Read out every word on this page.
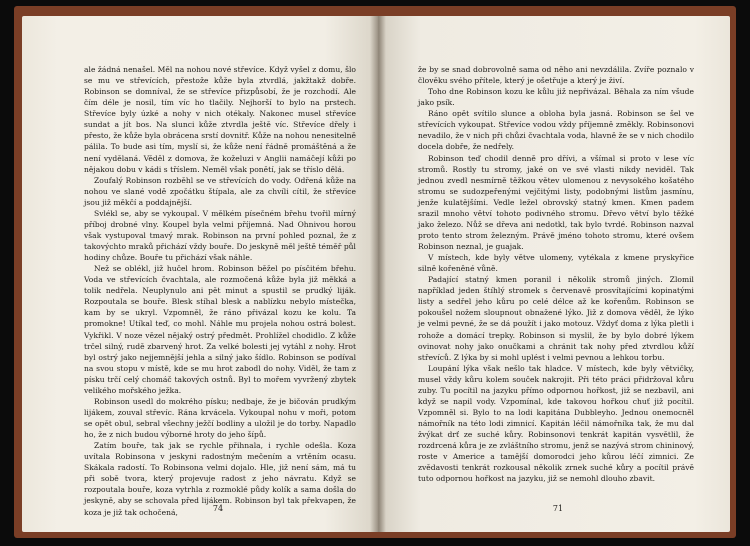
ale žádná nenašel. Měl na nohou nové střevíce. Když vyšel z domu, šlo se mu ve střevících, přestože kůže byla ztvrdlá, jakžtakž dobře. Robinson se domníval, že se střevíce přizpůsobí, že je rozchodí. Ale čím déle je nosil, tím víc ho tlačily. Nejhorší to bylo na prstech. Střevíce byly úzké a nohy v nich otékaly. Nakonec musel střevíce sundat a jít bos. Na slunci kůže ztvrdla ještě víc. Střevíce dřely i přesto, že kůže byla obrácena srstí dovnitř. Kůže na nohou nenesitelně pálila. To bude asi tím, myslí si, že kůže není řádně promáštěná a že není vydělaná. Věděl z domova, že koželuzi v Anglii namáčejí kůži po nějakou dobu v kádi s tříslem. Neměl však ponětí, jak se tříslo dělá.

Zoufalý Robinson rozběhl se ve střevících do vody. Odřená kůže na nohou ve slané vodě zpočátku štípala, ale za chvíli cítil, že střevíce jsou již měkčí a poddajnější.

Svlékl se, aby se vykoupal. V mělkém písečném břehu tvořil mírný příboj drobné vlny. Koupel byla velmi příjemná. Nad Ohnivou horou však vystupoval tmavý mrak. Robinson na první pohled poznal, že z takovýchto mraků přichází vždy bouře. Do jeskyně měl ještě téměř půl hodiny chůze. Bouře tu přichází však náhle.

Než se oblékl, již hučel hrom. Robinson běžel po písčitém břehu. Voda ve střevících čvachtala, ale rozmočená kůže byla již měkká a tolik nedřela. Neuplynulo ani pět minut a spustil se prudký liják. Rozpoutala se bouře. Blesk stíhal blesk a nablízku nebylo místečka, kam by se ukryl. Vzpomněl, že ráno přivázal kozu ke kolu. Ta promokne! Utíkal teď, co mohl. Náhle mu projela nohou ostrá bolest. Vykřikl. V noze vězel nějaký ostrý předmět. Prohlížel chodidlo. Z kůže trčel silný, rudě zbarvený hrot. Za velké bolesti jej vytáhl z nohy. Hrot byl ostrý jako nejjemnější jehla a silný jako šídlo. Robinson se podíval na svou stopu v místě, kde se mu hrot zabodl do nohy. Viděl, že tam z písku trčí celý chomáč takových ostnů. Byl to mořem vyvržený zbytek velikého mořského ježka.

Robinson usedl do mokrého písku; nedbaje, že je bičován prudkým lijákem, zouval střevíc. Rána krvácela. Vykoupal nohu v moři, potom se opět obul, sebral všechny ježčí bodliny a uložil je do torby. Napadlo ho, že z nich budou výborné hroty do jeho šípů.

Zatím bouře, tak jak se rychle přihnala, i rychle odešla. Koza uvítala Robinsona v jeskyni radostným mečením a vrtěním ocasu. Skákala radostí. To Robinsona velmi dojalo. Hle, již není sám, má tu při sobě tvora, který projevuje radost z jeho návratu. Když se rozpoutala bouře, koza vytrhla z rozmoklé půdy kolík a sama došla do jeskyně, aby se schovala před lijákem. Robinson byl tak překvapen, že koza je již tak ochočená,	74

že by se snad dobrovolně sama od něho ani nevzdálila. Zvíře poznalo v člověku svého přítele, který je ošetřuje a který je živí.

Toho dne Robinson kozu ke kůlu již nepřivázal. Běhala za ním všude jako psík.

Ráno opět svítilo slunce a obloha byla jasná. Robinson se šel ve střevících vykoupat. Střevíce vodou vždy příjemně změkly. Robinsonovi nevadilo, že v nich při chůzi čvachtala voda, hlavně že se v nich chodilo docela dobře, že nedřely.

Robinson teď chodil denně pro dřívi, a všímal si proto v lese víc stromů. Rostly tu stromy, jaké on ve své vlasti nikdy neviděl. Tak jednou zvedl nesmírně těžkou větev ulomenou z nevysokého košatého stromu se sudozpeřenými vejčitými listy, podobnými listům jasmínu, jenže kulatějšími. Vedle ležel obrovský statný kmen. Kmen padem srazil mnoho větví tohoto podivného stromu. Dřevo větví bylo těžké jako železo. Nůž se dřeva ani nedotkl, tak bylo tvrdé. Robinson nazval proto tento strom železným. Právě jméno tohoto stromu, které ovšem Robinson neznal, je guajak.

V místech, kde byly větve ulomeny, vytékala z kmene pryskyřice silně kořeněné vůně.

Padající statný kmen poranil i několik stromů jiných. Zlomil například jeden štíhlý stromek s červenavě prosvítajícími kopinatými listy a sedřel jeho kůru po celé délce až ke kořenům. Robinson se pokoušel nožem sloupnout obnažené lýko. Již z domova věděl, že lýko je velmi pevné, že se dá použít i jako motouz. Vždyť doma z lýka pletli i rohože a domácí trepky. Robinson si myslil, že by bylo dobré lýkem ovinovat nohy jako onučkami a chránit tak nohy před ztvrdlou kůží střevíců. Z lýka by si mohl uplést i velmi pevnou a lehkou torbu.

Loupání lýka však nešlo tak hladce. V místech, kde byly větvičky, musel vždy kůru kolem souček nakrojit. Při této práci přidržoval kůru zuby. Tu pocítil na jazyku přímo odpornou hořkost, již se nezbavil, ani když se napil vody. Vzpomínal, kde takovou hořkou chuť již pocítil. Vzpomněl si. Bylo to na lodi kapitána Dubbleyho. Jednou onemocněl námořník na této lodi zimnicí. Kapitán léčil námořníka tak, že mu dal žvýkat drť ze suché kůry. Robinsonovi tenkrát kapitán vysvětlil, že rozdrcená kůra je ze zvláštního stromu, jenž se nazývá strom chininový, roste v Americe a tamější domorodci jeho kůrou léčí zimnici. Ze zvědavosti tenkrát rozkousal několik zrnek suché kůry a pocítil právě tuto odpornou hořkost na jazyku, již se nemohl dlouho zbavit.

71
